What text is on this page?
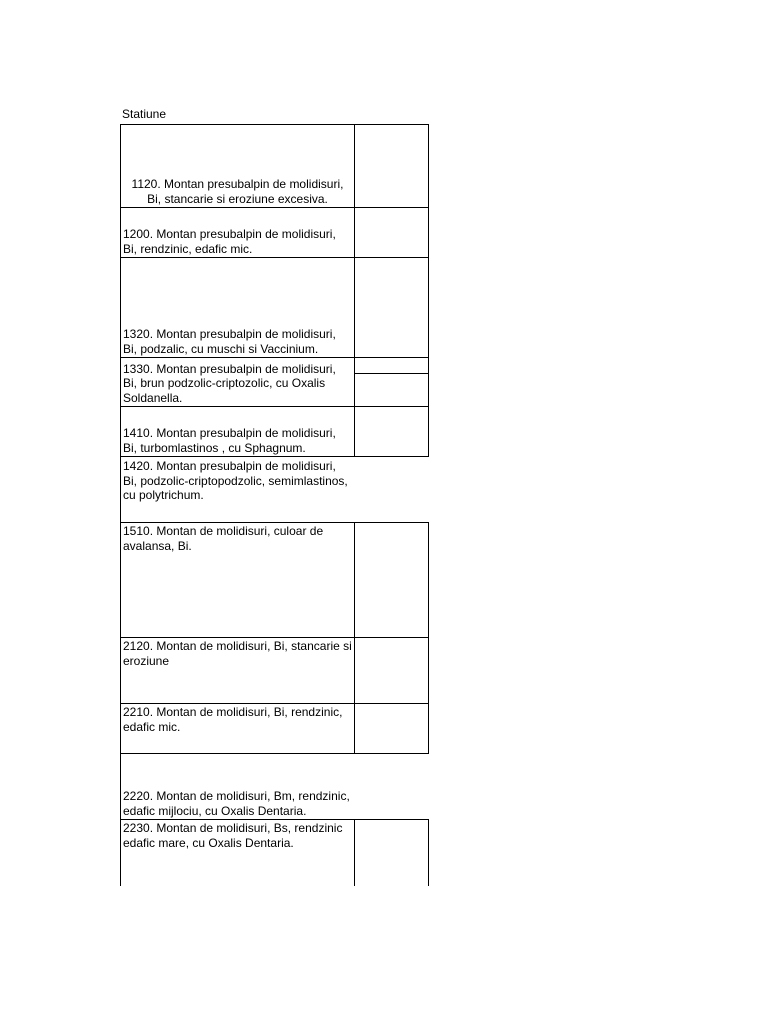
Statiune
1120. Montan presubalpin de molidisuri, Bi, stancarie si eroziune excesiva.
1200. Montan presubalpin de molidisuri, Bi, rendzinic, edafic mic.
1320. Montan presubalpin de molidisuri, Bi, podzalic, cu muschi si Vaccinium.
1330. Montan presubalpin de molidisuri, Bi, brun podzolic-criptozolic, cu Oxalis Soldanella.
1410. Montan presubalpin de molidisuri, Bi, turbomlastinos , cu Sphagnum.
1420. Montan presubalpin de molidisuri, Bi, podzolic-criptopodzolic, semimlastinos, cu polytrichum.
1510. Montan de molidisuri, culoar de avalansa, Bi.
2120. Montan de molidisuri, Bi, stancarie si eroziune
2210. Montan de molidisuri, Bi, rendzinic, edafic mic.
2220. Montan de molidisuri, Bm, rendzinic, edafic mijlociu, cu Oxalis Dentaria.
2230. Montan de molidisuri, Bs, rendzinic edafic mare, cu Oxalis Dentaria.
